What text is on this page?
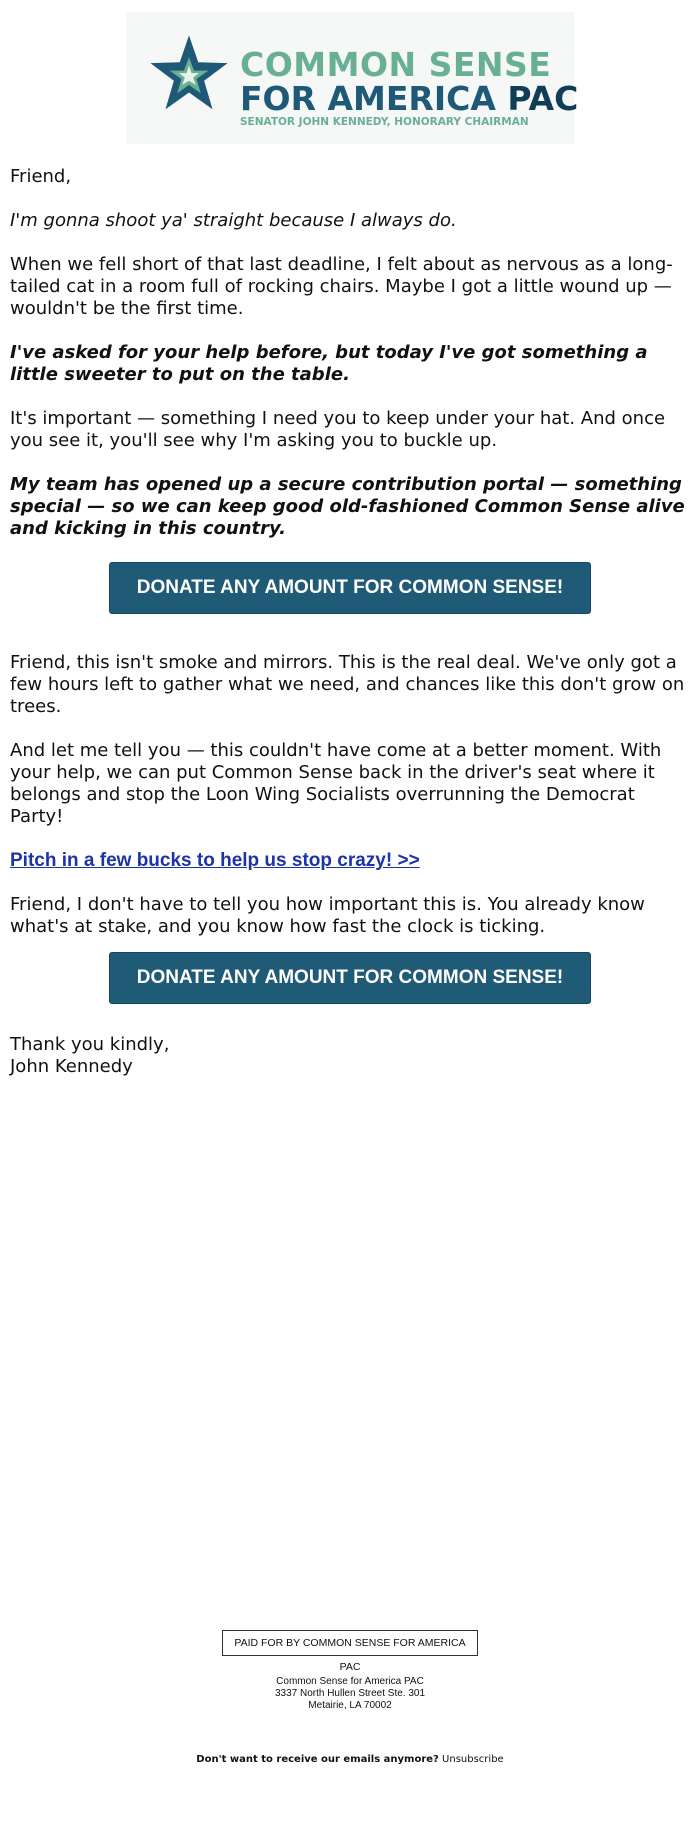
COMMON SENSE
FOR AMERICA PAC
SENATOR JOHN KENNEDY, HONORARY CHAIRMAN

Friend,

I'm gonna shoot ya' straight because I always do.

When we fell short of that last deadline, I felt about as nervous as a long-tailed cat in a room full of rocking chairs. Maybe I got a little wound up — wouldn't be the first time.

I've asked for your help before, but today I've got something a little sweeter to put on the table.

It's important — something I need you to keep under your hat. And once you see it, you'll see why I'm asking you to buckle up.

My team has opened up a secure contribution portal — something special — so we can keep good old-fashioned Common Sense alive and kicking in this country.

DONATE ANY AMOUNT FOR COMMON SENSE!

Friend, this isn't smoke and mirrors. This is the real deal. We've only got a few hours left to gather what we need, and chances like this don't grow on trees.

And let me tell you — this couldn't have come at a better moment. With your help, we can put Common Sense back in the driver's seat where it belongs and stop the Loon Wing Socialists overrunning the Democrat Party!

Pitch in a few bucks to help us stop crazy! >>

Friend, I don't have to tell you how important this is. You already know what's at stake, and you know how fast the clock is ticking.

DONATE ANY AMOUNT FOR COMMON SENSE!

Thank you kindly,

John Kennedy

PAID FOR BY COMMON SENSE FOR AMERICA PAC
Common Sense for America PAC
3337 North Hullen Street Ste. 301
Metairie, LA 70002
Don't want to receive our emails anymore? Unsubscribe
